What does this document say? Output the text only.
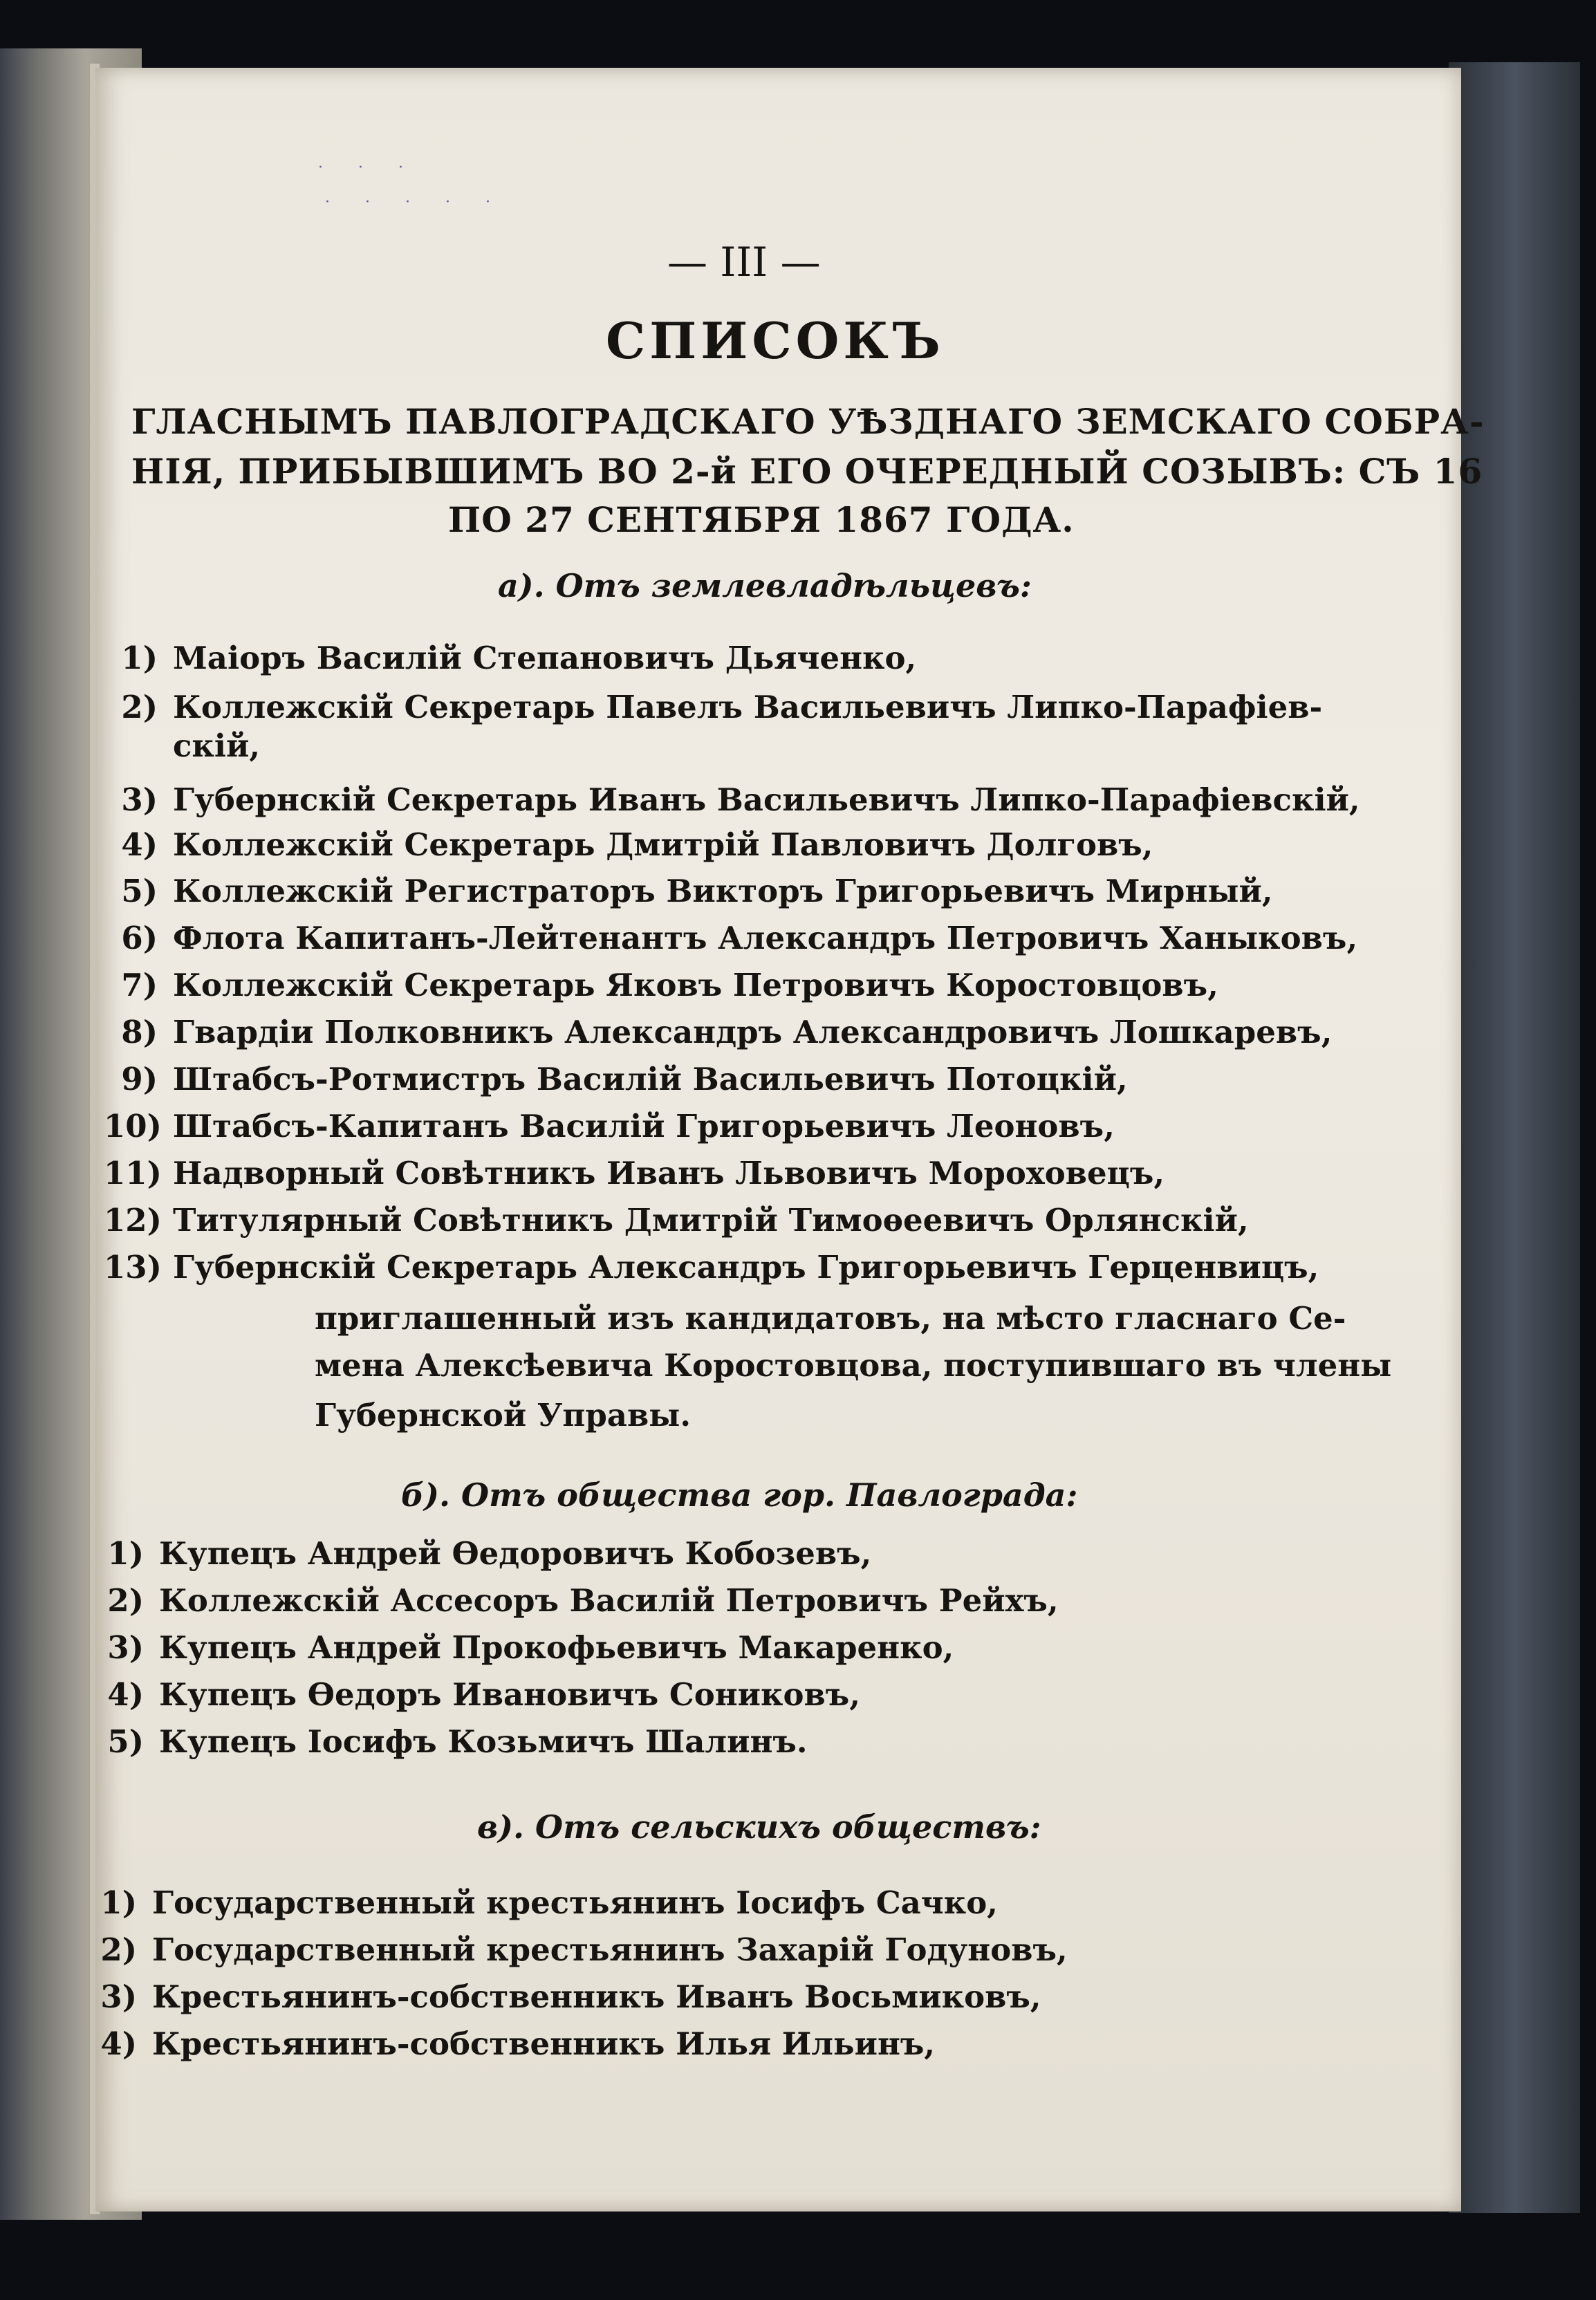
· · ·
· · · · ·
— III —
СПИСОКЪ
ГЛАСНЫМЪ ПАВЛОГРАДСКАГО УѢЗДНАГО ЗЕМСКАГО СОБРА-
НІЯ, ПРИБЫВШИМЪ ВО 2-й ЕГО ОЧЕРЕДНЫЙ СОЗЫВЪ: СЪ 16
ПО 27 СЕНТЯБРЯ 1867 ГОДА.
а). Отъ землевладѣльцевъ:
1) Маіоръ Василій Степановичъ Дьяченко,
2) Коллежскій Секретарь Павелъ Васильевичъ Липко-Парафіев-
скій,
3) Губернскій Секретарь Иванъ Васильевичъ Липко-Парафіевскій,
4) Коллежскій Секретарь Дмитрій Павловичъ Долговъ,
5) Коллежскій Регистраторъ Викторъ Григорьевичъ Мирный,
6) Флота Капитанъ-Лейтенантъ Александръ Петровичъ Ханыковъ,
7) Коллежскій Секретарь Яковъ Петровичъ Коростовцовъ,
8) Гвардіи Полковникъ Александръ Александровичъ Лошкаревъ,
9) Штабсъ-Ротмистръ Василій Васильевичъ Потоцкій,
10) Штабсъ-Капитанъ Василій Григорьевичъ Леоновъ,
11) Надворный Совѣтникъ Иванъ Львовичъ Мороховецъ,
12) Титулярный Совѣтникъ Дмитрій Тимоѳеевичъ Орлянскій,
13) Губернскій Секретарь Александръ Григорьевичъ Герценвицъ,
приглашенный изъ кандидатовъ, на мѣсто гласнаго Се-
мена Алексѣевича Коростовцова, поступившаго въ члены
Губернской Управы.
б). Отъ общества гор. Павлограда:
1) Купецъ Андрей Ѳедоровичъ Кобозевъ,
2) Коллежскій Ассесоръ Василій Петровичъ Рейхъ,
3) Купецъ Андрей Прокофьевичъ Макаренко,
4) Купецъ Ѳедоръ Ивановичъ Сониковъ,
5) Купецъ Іосифъ Козьмичъ Шалинъ.
в). Отъ сельскихъ обществъ:
1) Государственный крестьянинъ Іосифъ Сачко,
2) Государственный крестьянинъ Захарій Годуновъ,
3) Крестьянинъ-собственникъ Иванъ Восьмиковъ,
4) Крестьянинъ-собственникъ Илья Ильинъ,
